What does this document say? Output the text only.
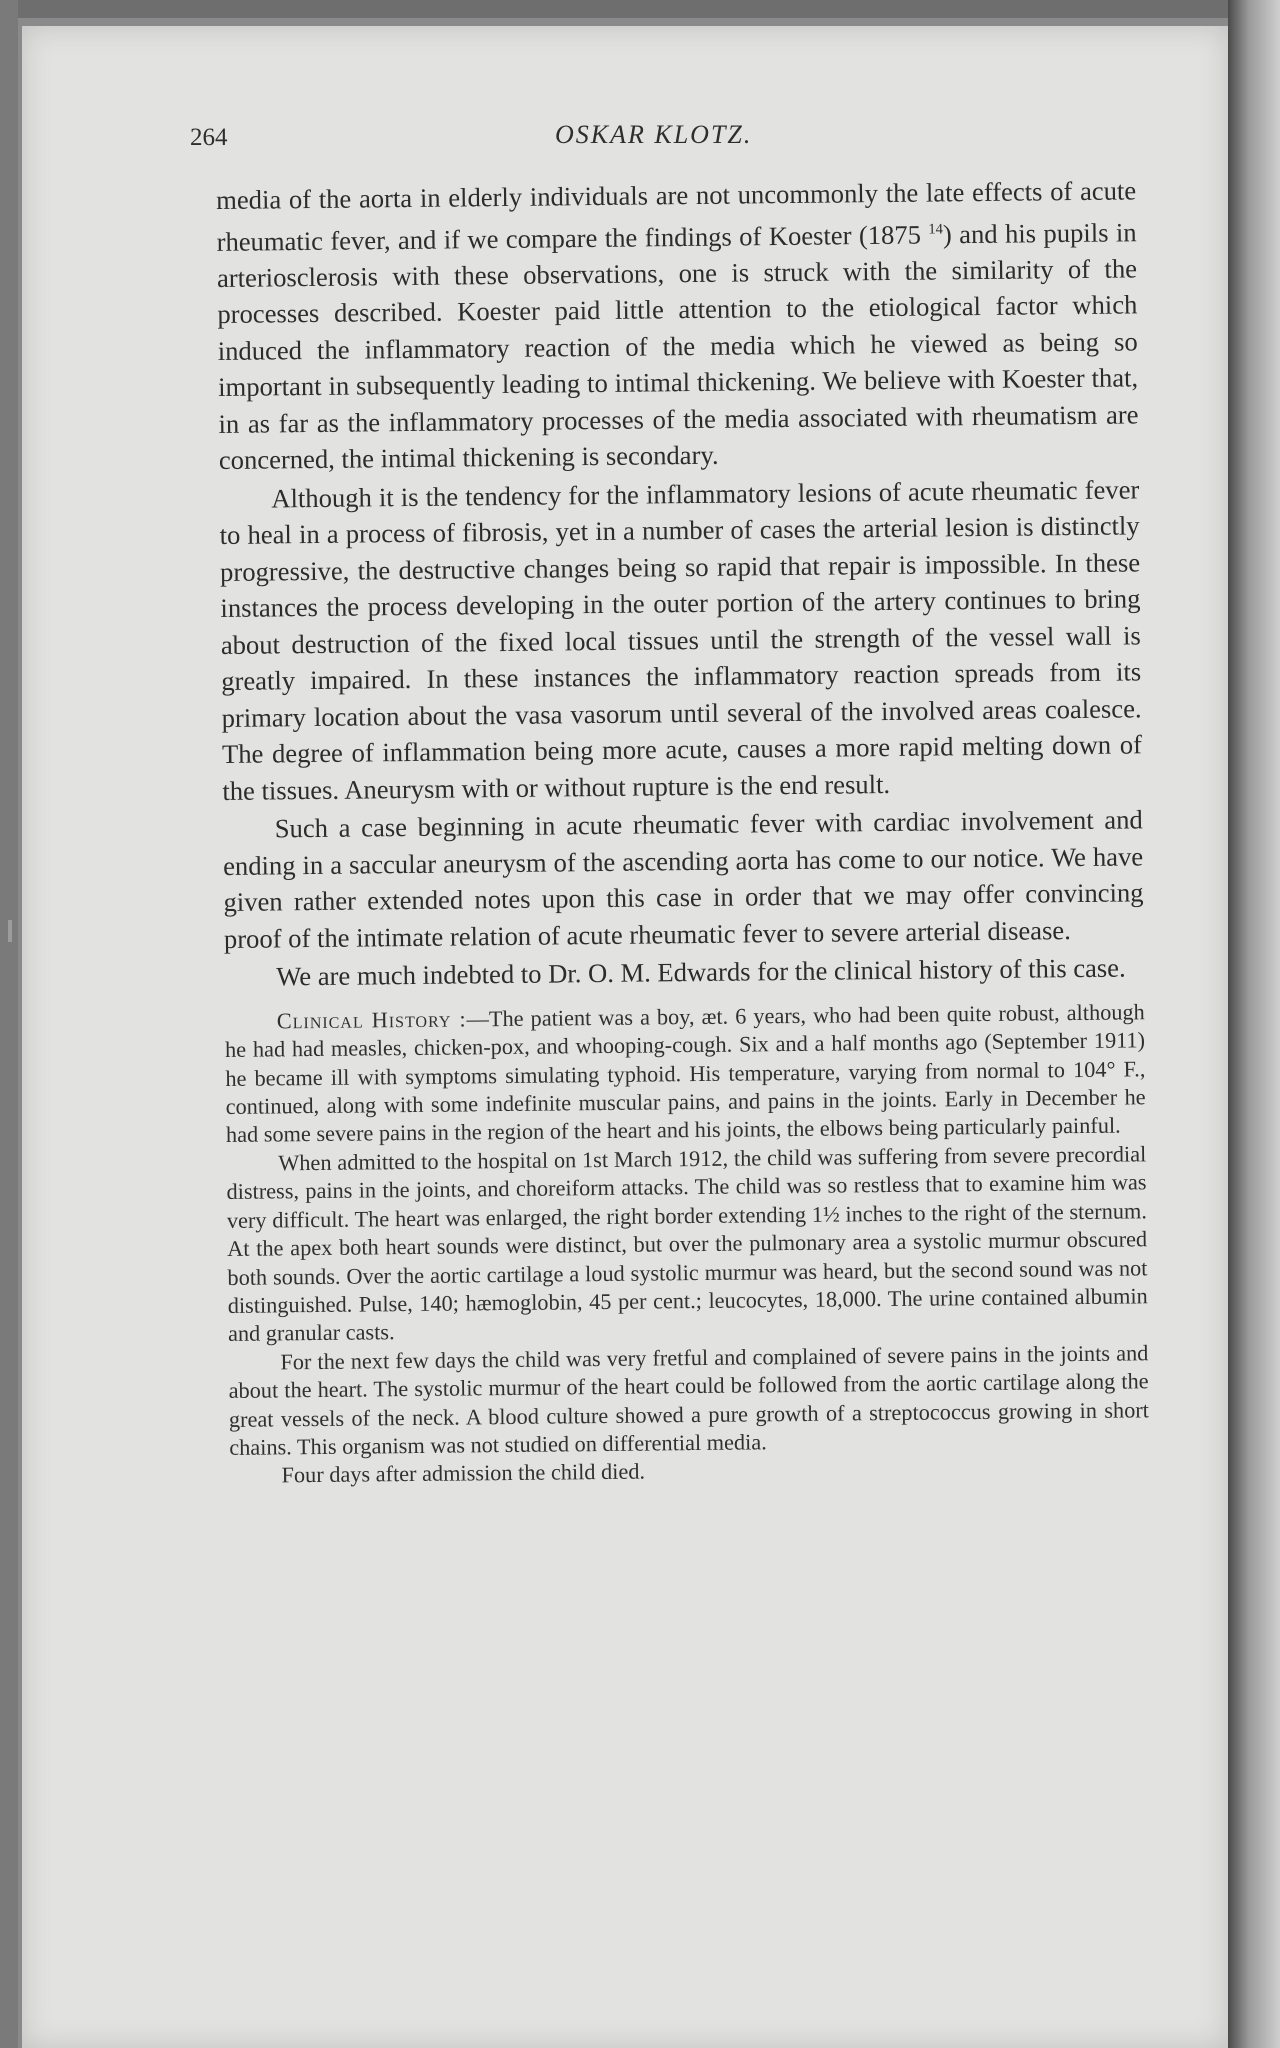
264	OSKAR KLOTZ.

media of the aorta in elderly individuals are not uncommonly the late effects of acute rheumatic fever, and if we compare the findings of Koester (1875 $^{14}$) and his pupils in arteriosclerosis with these observations, one is struck with the similarity of the processes described. Koester paid little attention to the etiological factor which induced the inflammatory reaction of the media which he viewed as being so important in subsequently leading to intimal thickening. We believe with Koester that, in as far as the inflammatory processes of the media associated with rheumatism are concerned, the intimal thickening is secondary.

Although it is the tendency for the inflammatory lesions of acute rheumatic fever to heal in a process of fibrosis, yet in a number of cases the arterial lesion is distinctly progressive, the destructive changes being so rapid that repair is impossible. In these instances the process developing in the outer portion of the artery continues to bring about destruction of the fixed local tissues until the strength of the vessel wall is greatly impaired. In these instances the inflammatory reaction spreads from its primary location about the vasa vasorum until several of the involved areas coalesce. The degree of inflammation being more acute, causes a more rapid melting down of the tissues. Aneurysm with or without rupture is the end result.

Such a case beginning in acute rheumatic fever with cardiac involvement and ending in a saccular aneurysm of the ascending aorta has come to our notice. We have given rather extended notes upon this case in order that we may offer convincing proof of the intimate relation of acute rheumatic fever to severe arterial disease.

We are much indebted to Dr. O. M. Edwards for the clinical history of this case.

Clinical History :—The patient was a boy, æt. 6 years, who had been quite robust, although he had had measles, chicken-pox, and whooping-cough. Six and a half months ago (September 1911) he became ill with symptoms simulating typhoid. His temperature, varying from normal to 104° F., continued, along with some indefinite muscular pains, and pains in the joints. Early in December he had some severe pains in the region of the heart and his joints, the elbows being particularly painful.

When admitted to the hospital on 1st March 1912, the child was suffering from severe precordial distress, pains in the joints, and choreiform attacks. The child was so restless that to examine him was very difficult. The heart was enlarged, the right border extending 1½ inches to the right of the sternum. At the apex both heart sounds were distinct, but over the pulmonary area a systolic murmur obscured both sounds. Over the aortic cartilage a loud systolic murmur was heard, but the second sound was not distinguished. Pulse, 140; hæmoglobin, 45 per cent.; leucocytes, 18,000. The urine contained albumin and granular casts.

For the next few days the child was very fretful and complained of severe pains in the joints and about the heart. The systolic murmur of the heart could be followed from the aortic cartilage along the great vessels of the neck. A blood culture showed a pure growth of a streptococcus growing in short chains. This organism was not studied on differential media.

Four days after admission the child died.
